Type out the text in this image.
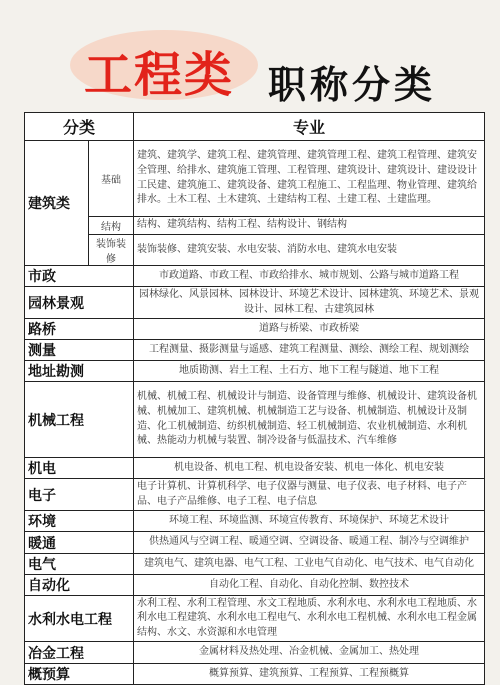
工程类 职称分类
分类		专业
建筑类	基础	建筑、建筑学、建筑工程、建筑管理、建筑管理工程、建筑工程管理、建筑安全管理、给排水、建筑施工管理、工程管理、建筑设计、建筑设计、建设设计工民建、建筑施工、建筑设备、建筑工程施工、工程监理、物业管理、建筑给排水。土木工程、土木建筑、土建结构工程、土建工程、土建监理。
	结构	结构、建筑结构、结构工程、结构设计、钢结构
	装饰装修	装饰装修、建筑安装、水电安装、消防水电、建筑水电安装
市政		市政道路、市政工程、市政给排水、城市规划、公路与城市道路工程
园林景观		园林绿化、风景园林、园林设计、环境艺术设计、园林建筑、环境艺术、景观设计、园林工程、古建筑园林
路桥		道路与桥梁、市政桥梁
测量		工程测量、摄影测量与遥感、建筑工程测量、测绘、测绘工程、规划测绘
地址勘测		地质勘测、岩土工程、土石方、地下工程与隧道、地下工程
机械工程		机械、机械工程、机械设计与制造、设备管理与维修、机械设计、建筑设备机械、机械加工、建筑机械、机械制造工艺与设备、机械制造、机械设计及制造、化工机械制造、纺织机械制造、轻工机械制造、农业机械制造、水利机械、热能动力机械与装置、制冷设备与低温技术、汽车维修
机电		机电设备、机电工程、机电设备安装、机电一体化、机电安装
电子		电子计算机、计算机科学、电子仪器与测量、电子仪表、电子材料、电子产品、电子产品维修、电子工程、电子信息
环境		环境工程、环境监测、环境宣传教育、环境保护、环境艺术设计
暖通		供热通风与空调工程、暖通空调、空调设备、暖通工程、制冷与空调维护
电气		建筑电气、建筑电器、电气工程、工业电气自动化、电气技术、电气自动化
自动化		自动化工程、自动化、自动化控制、数控技术
水利水电工程		水利工程、水利工程管理、水文工程地质、水利水电、水利水电工程地质、水利水电工程建筑、水利水电工程电气、水利水电工程机械、水利水电工程金属结构、水文、水资源和水电管理
冶金工程		金属材料及热处理、冶金机械、金属加工、热处理
概预算		概算预算、建筑预算、工程预算、工程预概算
